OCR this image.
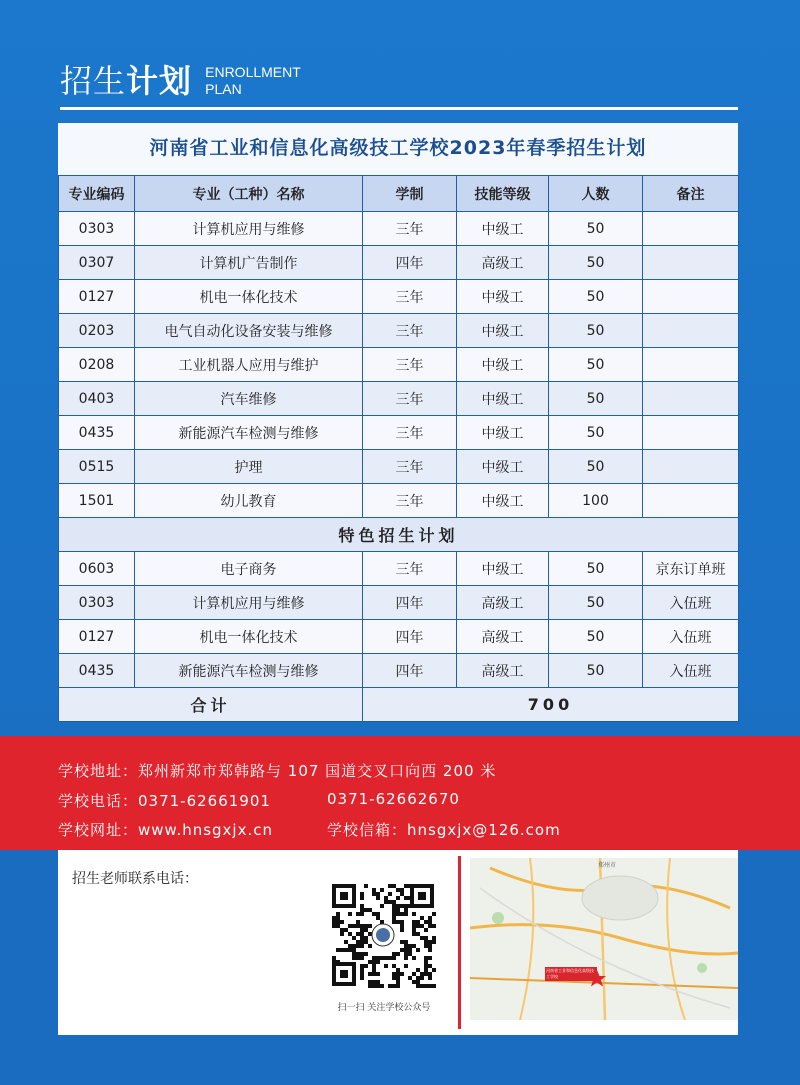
招生计划 ENROLLMENT
PLAN
河南省工业和信息化高级技工学校2023年春季招生计划
专业编码	专业（工种）名称	学制	技能等级	人数	备注
0303	计算机应用与维修	三年	中级工	50	
0307	计算机广告制作	四年	高级工	50	
0127	机电一体化技术	三年	中级工	50	
0203	电气自动化设备安装与维修	三年	中级工	50	
0208	工业机器人应用与维护	三年	中级工	50	
0403	汽车维修	三年	中级工	50	
0435	新能源汽车检测与维修	三年	中级工	50	
0515	护理	三年	中级工	50	
1501	幼儿教育	三年	中级工	100	
特色招生计划					
0603	电子商务	三年	中级工	50	京东订单班
0303	计算机应用与维修	四年	高级工	50	入伍班
0127	机电一体化技术	四年	高级工	50	入伍班
0435	新能源汽车检测与维修	四年	高级工	50	入伍班
合计		700			
学校地址：郑州新郑市郑韩路与 107 国道交叉口向西 200 米
学校电话：0371-62661901	0371-62662670
学校网址：www.hnsgxjx.cn	学校信箱：hnsgxjx@126.com
招生老师联系电话：
扫一扫 关注学校公众号
郑州市
河南省工业和信息化高级技工学校
